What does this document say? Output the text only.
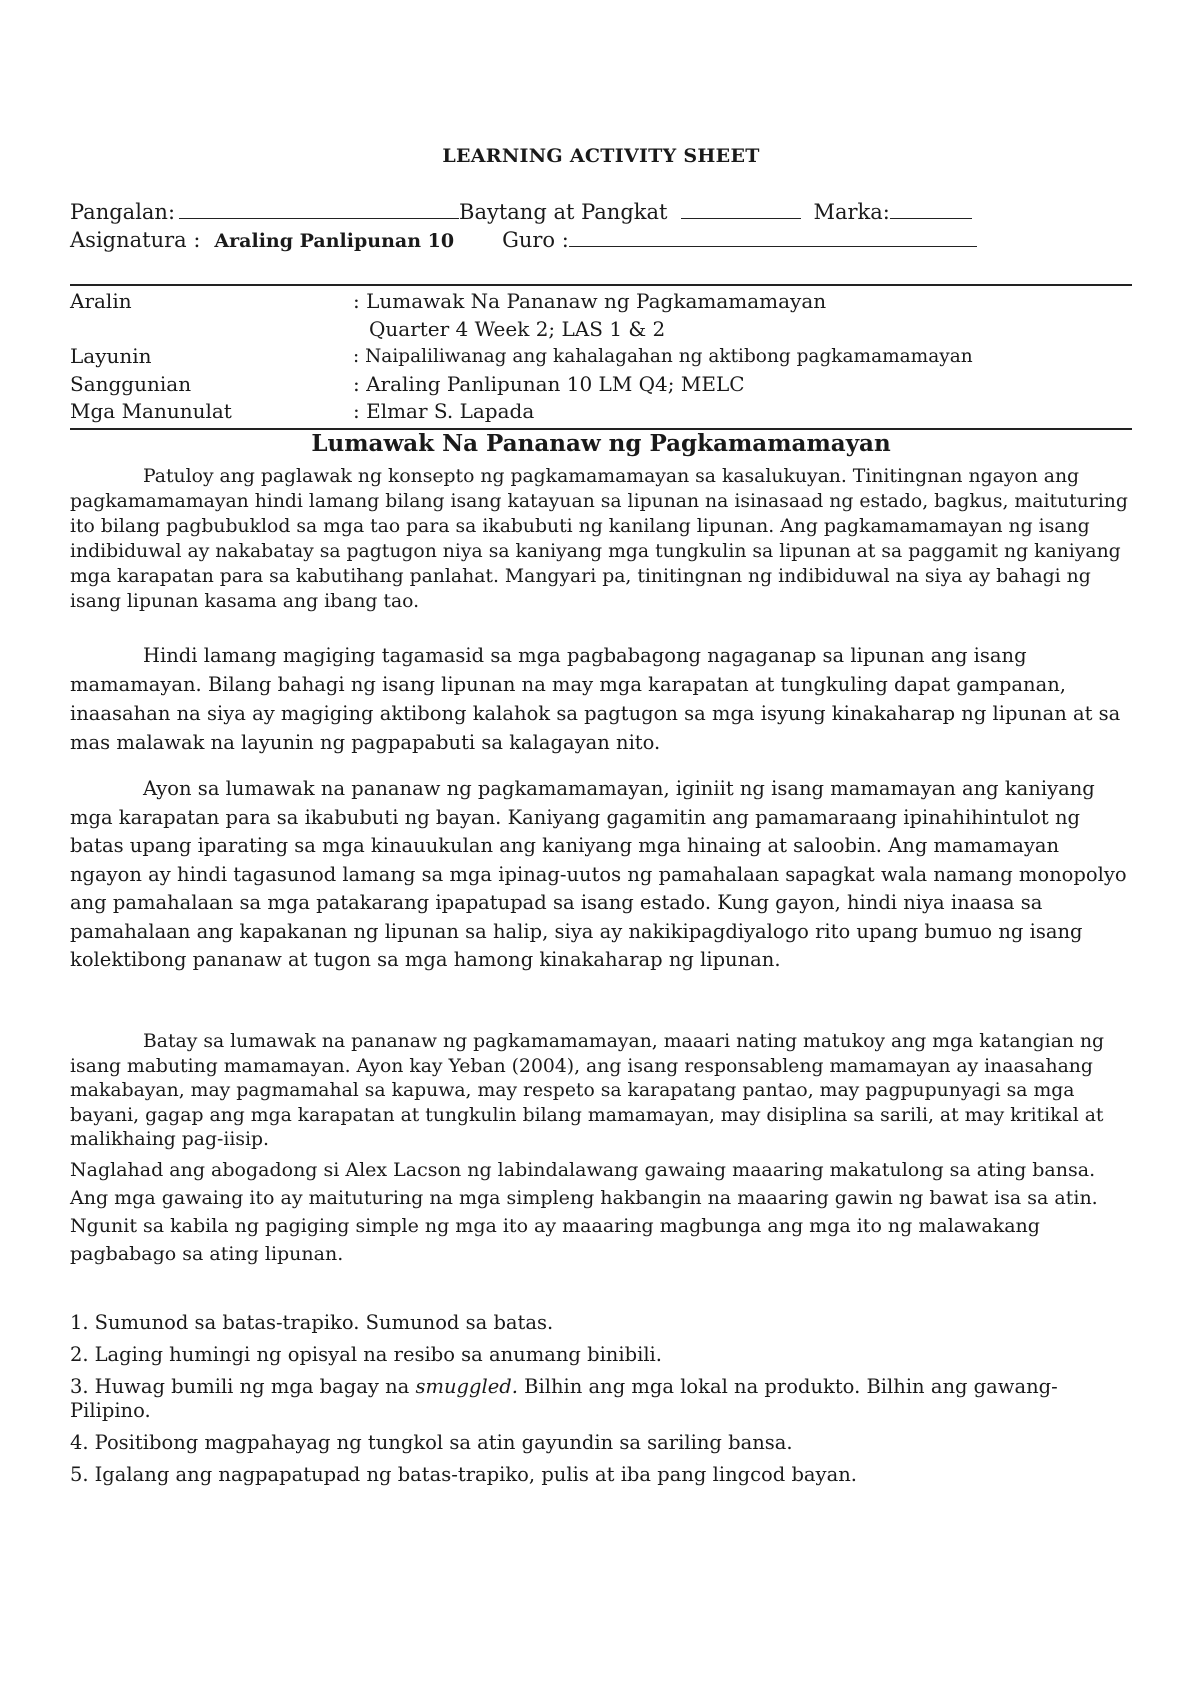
LEARNING ACTIVITY SHEET
Pangalan:	Baytang at Pangkat	Marka:
Asignatura : Araling Panlipunan 10 Guro :
Aralin	: Lumawak Na Pananaw ng Pagkamamamayan
Quarter 4 Week 2; LAS 1 & 2
Layunin	: Naipaliliwanag ang kahalagahan ng aktibong pagkamamamayan
Sanggunian	: Araling Panlipunan 10 LM Q4; MELC
Mga Manunulat	: Elmar S. Lapada
Lumawak Na Pananaw ng Pagkamamamayan

Patuloy ang paglawak ng konsepto ng pagkamamamayan sa kasalukuyan. Tinitingnan ngayon ang pagkamamamayan hindi lamang bilang isang katayuan sa lipunan na isinasaad ng estado, bagkus, maituturing ito bilang pagbubuklod sa mga tao para sa ikabubuti ng kanilang lipunan. Ang pagkamamamayan ng isang indibiduwal ay nakabatay sa pagtugon niya sa kaniyang mga tungkulin sa lipunan at sa paggamit ng kaniyang mga karapatan para sa kabutihang panlahat. Mangyari pa, tinitingnan ng indibiduwal na siya ay bahagi ng isang lipunan kasama ang ibang tao.

Hindi lamang magiging tagamasid sa mga pagbabagong nagaganap sa lipunan ang isang mamamayan. Bilang bahagi ng isang lipunan na may mga karapatan at tungkuling dapat gampanan, inaasahan na siya ay magiging aktibong kalahok sa pagtugon sa mga isyung kinakaharap ng lipunan at sa mas malawak na layunin ng pagpapabuti sa kalagayan nito.

Ayon sa lumawak na pananaw ng pagkamamamayan, iginiit ng isang mamamayan ang kaniyang mga karapatan para sa ikabubuti ng bayan. Kaniyang gagamitin ang pamamaraang ipinahihintulot ng batas upang iparating sa mga kinauukulan ang kaniyang mga hinaing at saloobin. Ang mamamayan ngayon ay hindi tagasunod lamang sa mga ipinag-uutos ng pamahalaan sapagkat wala namang monopolyo ang pamahalaan sa mga patakarang ipapatupad sa isang estado. Kung gayon, hindi niya inaasa sa pamahalaan ang kapakanan ng lipunan sa halip, siya ay nakikipagdiyalogo rito upang bumuo ng isang kolektibong pananaw at tugon sa mga hamong kinakaharap ng lipunan.

Batay sa lumawak na pananaw ng pagkamamamayan, maaari nating matukoy ang mga katangian ng isang mabuting mamamayan. Ayon kay Yeban (2004), ang isang responsableng mamamayan ay inaasahang makabayan, may pagmamahal sa kapuwa, may respeto sa karapatang pantao, may pagpupunyagi sa mga bayani, gagap ang mga karapatan at tungkulin bilang mamamayan, may disiplina sa sarili, at may kritikal at malikhaing pag-iisip.

Naglahad ang abogadong si Alex Lacson ng labindalawang gawaing maaaring makatulong sa ating bansa. Ang mga gawaing ito ay maituturing na mga simpleng hakbangin na maaaring gawin ng bawat isa sa atin. Ngunit sa kabila ng pagiging simple ng mga ito ay maaaring magbunga ang mga ito ng malawakang pagbabago sa ating lipunan.

1. Sumunod sa batas-trapiko. Sumunod sa batas.
2. Laging humingi ng opisyal na resibo sa anumang binibili.
3. Huwag bumili ng mga bagay na smuggled. Bilhin ang mga lokal na produkto. Bilhin ang gawang-Pilipino.
4. Positibong magpahayag ng tungkol sa atin gayundin sa sariling bansa.
5. Igalang ang nagpapatupad ng batas-trapiko, pulis at iba pang lingcod bayan.
